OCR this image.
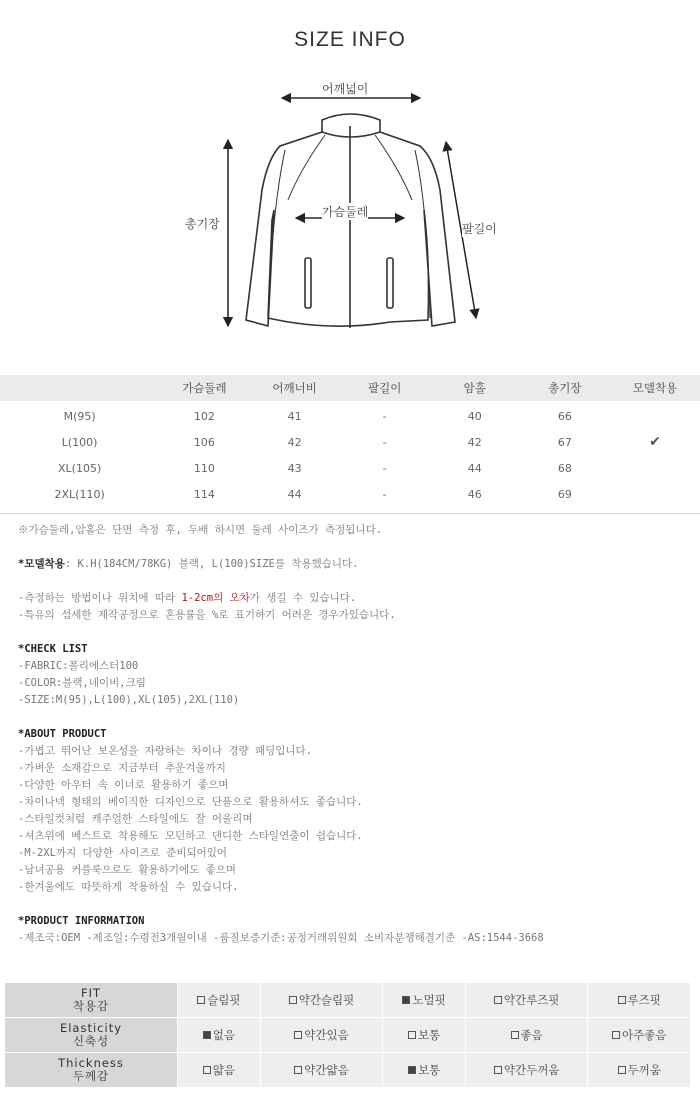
SIZE INFO
어깨넓이
총기장
가슴둘레
팔길이
	가슴둘레	어깨너비	팔길이	암홀	총기장	모델착용
M(95)	102	41	-	40	66	
L(100)	106	42	-	42	67	✔
XL(105)	110	43	-	44	68	
2XL(110)	114	44	-	46	69	

※가슴둘레,암홀은 단면 측정 후, 두배 하시면 둘레 사이즈가 측정됩니다.
*모델착용: K.H(184CM/78KG) 블랙, L(100)SIZE를 착용했습니다.
-측정하는 방법이나 위치에 따라 1-2cm의 오차가 생길 수 있습니다.
-특유의 섬세한 제작공정으로 혼용률을 %로 표기하기 어려운 경우가있습니다.
*CHECK LIST
-FABRIC:폴리에스터100
-COLOR:블랙,네이비,크림
-SIZE:M(95),L(100),XL(105),2XL(110)
*ABOUT PRODUCT
-가볍고 뛰어난 보온성을 자랑하는 차이나 경량 패딩입니다.
-가벼운 소재감으로 지금부터 추운겨울까지
-다양한 아우터 속 이너로 활용하기 좋으며
-차이나넥 형태의 베이직한 디자인으로 단품으로 활용하셔도 좋습니다.
-스타일컷처럼 캐주얼한 스타일에도 잘 어울리며
-셔츠위에 베스트로 착용해도 모던하고 댄디한 스타일연출이 쉽습니다.
-M-2XL까지 다양한 사이즈로 준비되어있어
-남녀공용 커플룩으로도 활용하기에도 좋으며
-한겨울에도 따뜻하게 착용하실 수 있습니다.
*PRODUCT INFORMATION
-제조국:OEM -제조일:수령전3개월이내 -품질보증기준:공정거래위원회 소비자분쟁해결기준 -AS:1544-3668
FIT
착용감	슬림핏	약간슬림핏	노멀핏	약간루즈핏	루즈핏

Elasticity
신축성	없음	약간있음	보통	좋음	아주좋음

Thickness
두께감	얇음	약간얇음	보통	약간두꺼움	두꺼움
